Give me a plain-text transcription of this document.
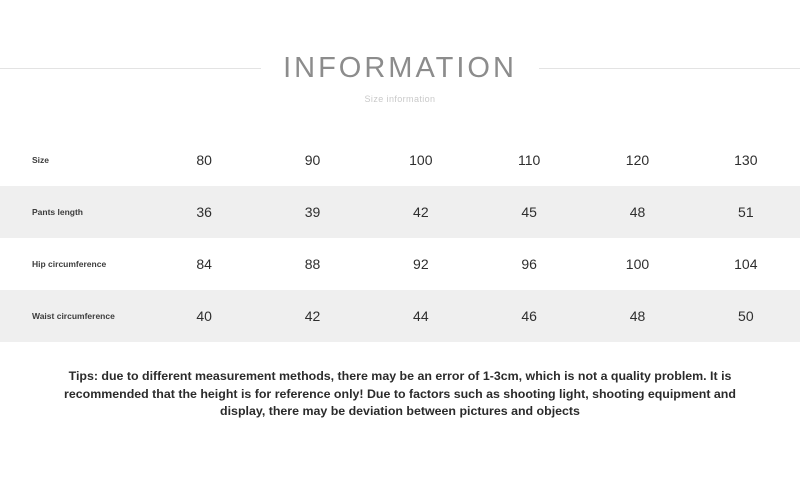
INFORMATION
Size information
Size	80	90	100	110	120	130
Pants length	36	39	42	45	48	51
Hip circumference	84	88	92	96	100	104
Waist circumference	40	42	44	46	48	50
Tips: due to different measurement methods, there may be an error of 1-3cm, which is not a quality problem. It is recommended that the height is for reference only! Due to factors such as shooting light, shooting equipment and display, there may be deviation between pictures and objects
